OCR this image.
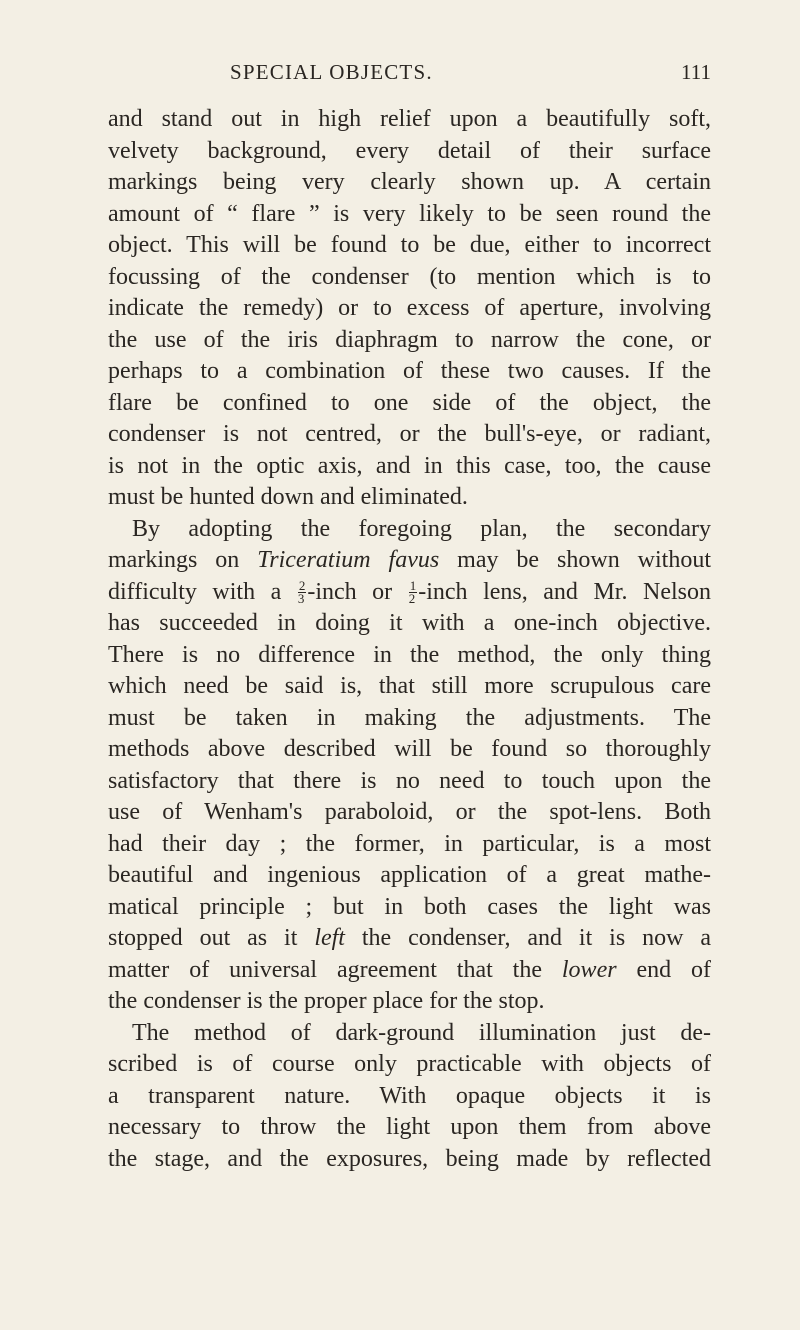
SPECIAL OBJECTS.	111
and stand out in high relief upon a beautifully soft,
velvety background, every detail of their surface
markings being very clearly shown up. A certain
amount of “ flare ” is very likely to be seen round the
object. This will be found to be due, either to incorrect
focussing of the condenser (to mention which is to
indicate the remedy) or to excess of aperture, involving
the use of the iris diaphragm to narrow the cone, or
perhaps to a combination of these two causes. If the
flare be confined to one side of the object, the
condenser is not centred, or the bull's-eye, or radiant,
is not in the optic axis, and in this case, too, the cause
must be hunted down and eliminated.
By adopting the foregoing plan, the secondary
markings on Triceratium favus may be shown without
difficulty with a $\frac{2}{3}$ -inch or $\frac{1}{2}$ -inch lens, and Mr. Nelson
has succeeded in doing it with a one-inch objective.
There is no difference in the method, the only thing
which need be said is, that still more scrupulous care
must be taken in making the adjustments. The
methods above described will be found so thoroughly
satisfactory that there is no need to touch upon the
use of Wenham's paraboloid, or the spot-lens. Both
had their day ; the former, in particular, is a most
beautiful and ingenious application of a great mathe-
matical principle ; but in both cases the light was
stopped out as it left the condenser, and it is now a
matter of universal agreement that the lower end of
the condenser is the proper place for the stop.
The method of dark-ground illumination just de-
scribed is of course only practicable with objects of
a transparent nature. With opaque objects it is
necessary to throw the light upon them from above
the stage, and the exposures, being made by reflected
